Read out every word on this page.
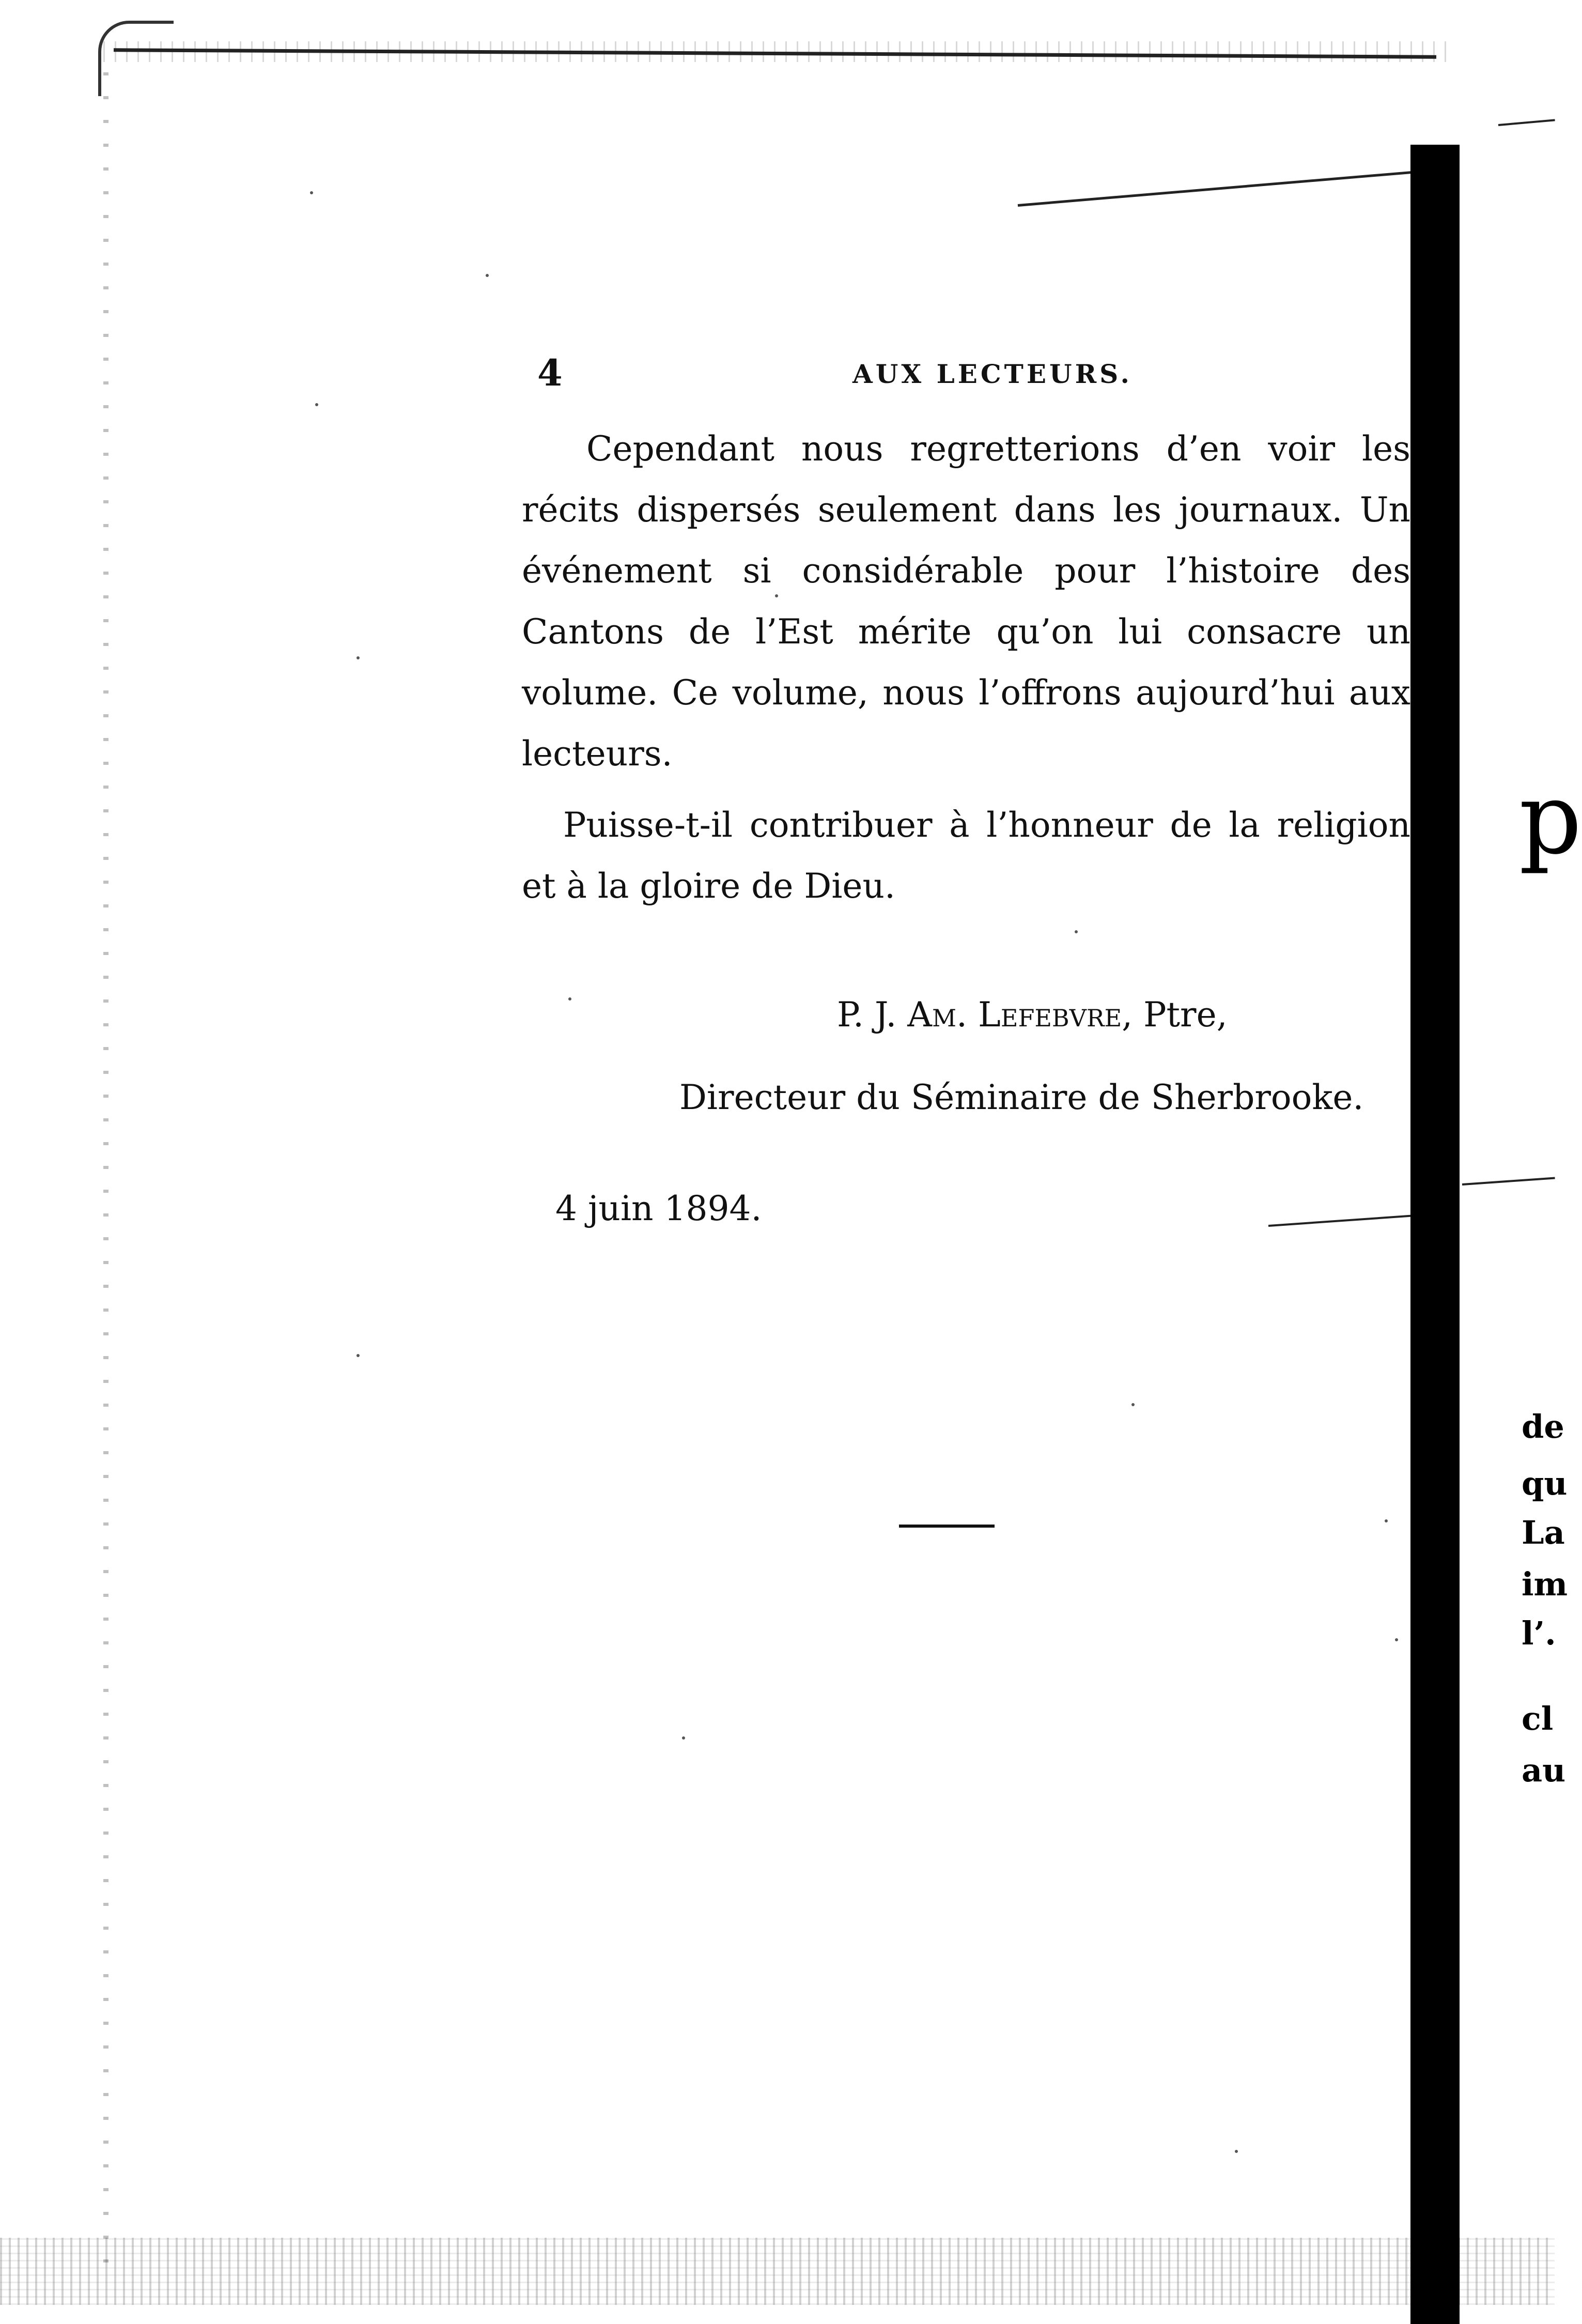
p
de
qu
La
im
l’.
cl
au
4	AUX LECTEURS.

Cependant nous regretterions d’en voir les récits dispersés seulement dans les journaux. Un événement si considérable pour l’histoire des Cantons de l’Est mérite qu’on lui consacre un volume. Ce volume, nous l’offrons aujourd’hui aux lecteurs.

Puisse-t-il contribuer à l’honneur de la religion et à la gloire de Dieu.

P. J. Am. Lefebvre, Ptre,
Directeur du Séminaire de Sherbrooke.
4 juin 1894.
